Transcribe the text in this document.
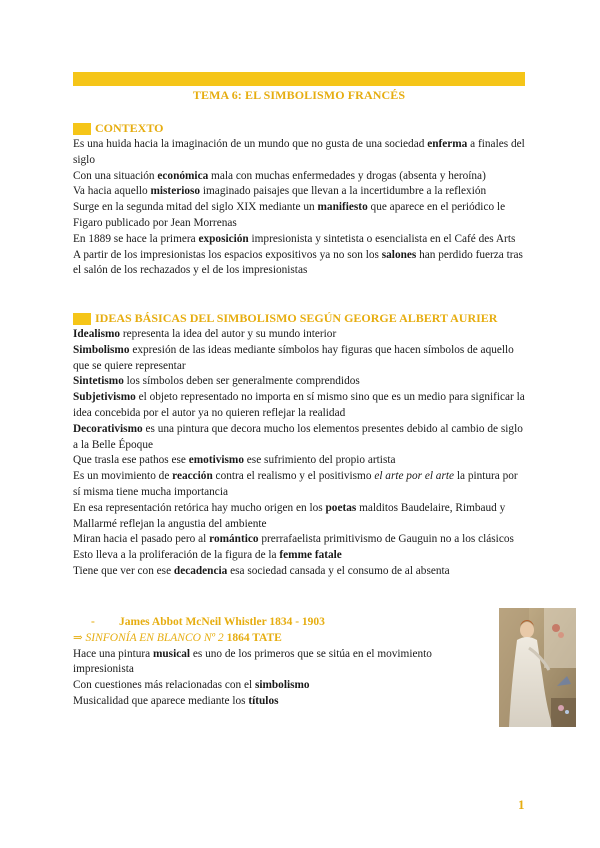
TEMA 6: EL SIMBOLISMO FRANCÉS
CONTEXTO

Es una huida hacia la imaginación de un mundo que no gusta de una sociedad enferma a finales del siglo

Con una situación económica mala con muchas enfermedades y drogas (absenta y heroína)

Va hacia aquello misterioso imaginado paisajes que llevan a la incertidumbre a la reflexión

Surge en la segunda mitad del siglo XIX mediante un manifiesto que aparece en el periódico le Figaro publicado por Jean Morrenas

En 1889 se hace la primera exposición impresionista y sintetista o esencialista en el Café des Arts

A partir de los impresionistas los espacios expositivos ya no son los salones han perdido fuerza tras el salón de los rechazados y el de los impresionistas

IDEAS BÁSICAS DEL SIMBOLISMO SEGÚN GEORGE ALBERT AURIER

Idealismo representa la idea del autor y su mundo interior

Simbolismo expresión de las ideas mediante símbolos hay figuras que hacen símbolos de aquello que se quiere representar

Sintetismo los símbolos deben ser generalmente comprendidos

Subjetivismo el objeto representado no importa en sí mismo sino que es un medio para significar la idea concebida por el autor ya no quieren reflejar la realidad

Decorativismo es una pintura que decora mucho los elementos presentes debido al cambio de siglo a la Belle Époque

Que trasla ese pathos ese emotivismo ese sufrimiento del propio artista

Es un movimiento de reacción contra el realismo y el positivismo el arte por el arte la pintura por sí misma tiene mucha importancia

En esa representación retórica hay mucho origen en los poetas malditos Baudelaire, Rimbaud y Mallarmé reflejan la angustia del ambiente

Miran hacia el pasado pero al romántico prerrafaelista primitivismo de Gauguin no a los clásicos

Esto lleva a la proliferación de la figura de la femme fatale

Tiene que ver con ese decadencia esa sociedad cansada y el consumo de al absenta

- James Abbot McNeil Whistler 1834 - 1903
⇒ SINFONÍA EN BLANCO Nº 2 1864 TATE

Hace una pintura musical es uno de los primeros que se sitúa en el movimiento impresionista

Con cuestiones más relacionadas con el simbolismo

Musicalidad que aparece mediante los títulos

1
